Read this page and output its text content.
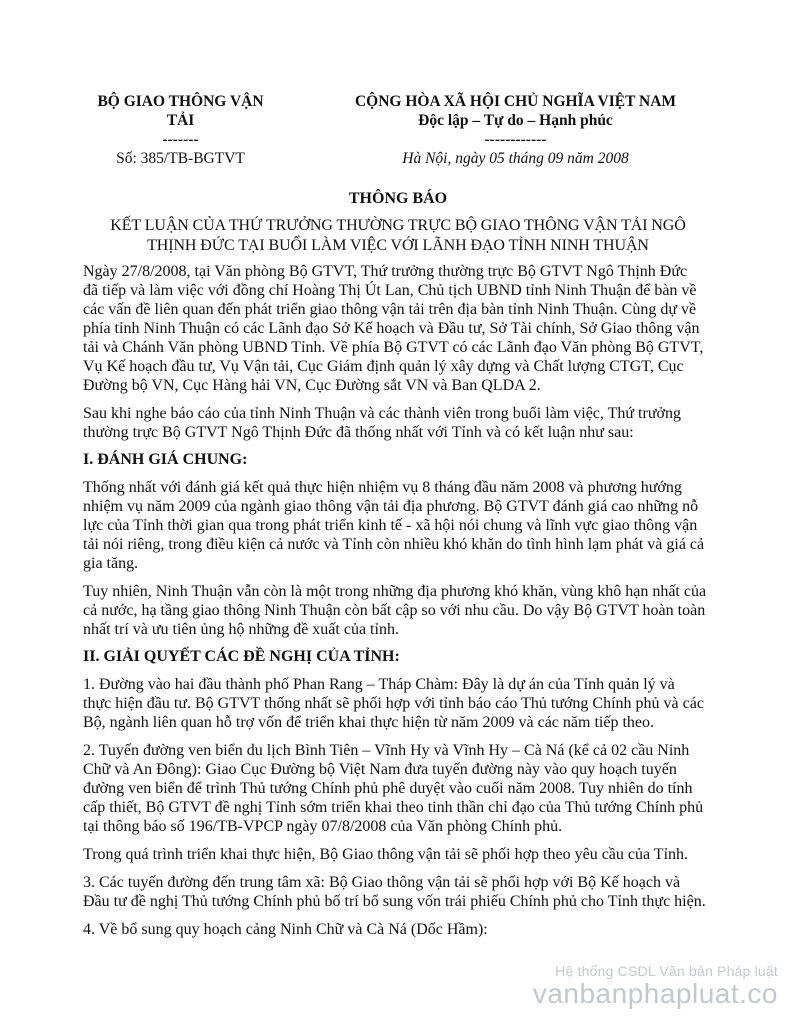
BỘ GIAO THÔNG VẬN
TẢI
-------
Số: 385/TB-BGTVT
CỘNG HÒA XÃ HỘI CHỦ NGHĨA VIỆT NAM
Độc lập – Tự do – Hạnh phúc
------------
Hà Nội, ngày 05 tháng 09 năm 2008
THÔNG BÁO
KẾT LUẬN CỦA THỨ TRƯỞNG THƯỜNG TRỰC BỘ GIAO THÔNG VẬN TẢI NGÔ
THỊNH ĐỨC TẠI BUỔI LÀM VIỆC VỚI LÃNH ĐẠO TỈNH NINH THUẬN

Ngày 27/8/2008, tại Văn phòng Bộ GTVT, Thứ trưởng thường trực Bộ GTVT Ngô Thịnh Đức

đã tiếp và làm việc với đồng chí Hoàng Thị Út Lan, Chủ tịch UBND tỉnh Ninh Thuận để bàn về

các vấn đề liên quan đến phát triển giao thông vận tải trên địa bàn tỉnh Ninh Thuận. Cùng dự về

phía tỉnh Ninh Thuận có các Lãnh đạo Sở Kế hoạch và Đầu tư, Sở Tài chính, Sở Giao thông vận

tải và Chánh Văn phòng UBND Tỉnh. Về phía Bộ GTVT có các Lãnh đạo Văn phòng Bộ GTVT,

Vụ Kế hoạch đầu tư, Vụ Vận tải, Cục Giám định quản lý xây dựng và Chất lượng CTGT, Cục

Đường bộ VN, Cục Hàng hải VN, Cục Đường sắt VN và Ban QLDA 2.

Sau khi nghe báo cáo của tỉnh Ninh Thuận và các thành viên trong buổi làm việc, Thứ trưởng

thường trực Bộ GTVT Ngô Thịnh Đức đã thống nhất với Tỉnh và có kết luận như sau:

I. ĐÁNH GIÁ CHUNG:

Thống nhất với đánh giá kết quả thực hiện nhiệm vụ 8 tháng đầu năm 2008 và phương hướng

nhiệm vụ năm 2009 của ngành giao thông vận tải địa phương. Bộ GTVT đánh giá cao những nỗ

lực của Tỉnh thời gian qua trong phát triển kinh tế - xã hội nói chung và lĩnh vực giao thông vận

tải nói riêng, trong điều kiện cả nước và Tỉnh còn nhiều khó khăn do tình hình lạm phát và giá cả

gia tăng.

Tuy nhiên, Ninh Thuận vẫn còn là một trong những địa phương khó khăn, vùng khô hạn nhất của

cả nước, hạ tầng giao thông Ninh Thuận còn bất cập so với nhu cầu. Do vậy Bộ GTVT hoàn toàn

nhất trí và ưu tiên ủng hộ những đề xuất của tỉnh.

II. GIẢI QUYẾT CÁC ĐỀ NGHỊ CỦA TỈNH:

1. Đường vào hai đầu thành phố Phan Rang – Tháp Chàm: Đây là dự án của Tỉnh quản lý và

thực hiện đầu tư. Bộ GTVT thống nhất sẽ phối hợp với tỉnh báo cáo Thủ tướng Chính phủ và các

Bộ, ngành liên quan hỗ trợ vốn để triển khai thực hiện từ năm 2009 và các năm tiếp theo.

2. Tuyến đường ven biển du lịch Bình Tiên – Vĩnh Hy và Vĩnh Hy – Cà Ná (kể cả 02 cầu Ninh

Chữ và An Đông): Giao Cục Đường bộ Việt Nam đưa tuyến đường này vào quy hoạch tuyến

đường ven biển để trình Thủ tướng Chính phủ phê duyệt vào cuối năm 2008. Tuy nhiên do tính

cấp thiết, Bộ GTVT đề nghị Tỉnh sớm triển khai theo tinh thần chỉ đạo của Thủ tướng Chính phủ

tại thông báo số 196/TB-VPCP ngày 07/8/2008 của Văn phòng Chính phủ.

Trong quá trình triển khai thực hiện, Bộ Giao thông vận tải sẽ phối hợp theo yêu cầu của Tỉnh.

3. Các tuyến đường đến trung tâm xã: Bộ Giao thông vận tải sẽ phối hợp với Bộ Kế hoạch và

Đầu tư đề nghị Thủ tướng Chính phủ bố trí bổ sung vốn trái phiếu Chính phủ cho Tỉnh thực hiện.

4. Về bổ sung quy hoạch cảng Ninh Chữ và Cà Ná (Dốc Hầm):

Hệ thống CSDL Văn bản Pháp luật
vanbanphapluat.co
